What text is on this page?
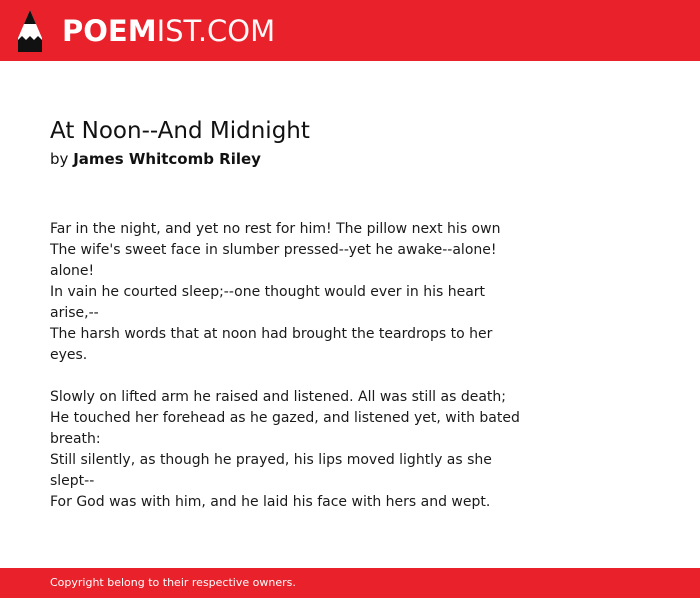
POEMIST.COM
At Noon--And Midnight
by James Whitcomb Riley
Far in the night, and yet no rest for him! The pillow next his own
The wife's sweet face in slumber pressed--yet he awake--alone!
alone!
In vain he courted sleep;--one thought would ever in his heart
arise,--
The harsh words that at noon had brought the teardrops to her eyes.
Slowly on lifted arm he raised and listened. All was still as death;
He touched her forehead as he gazed, and listened yet, with bated
breath:
Still silently, as though he prayed, his lips moved lightly as she
slept--
For God was with him, and he laid his face with hers and wept.
Copyright belong to their respective owners.
